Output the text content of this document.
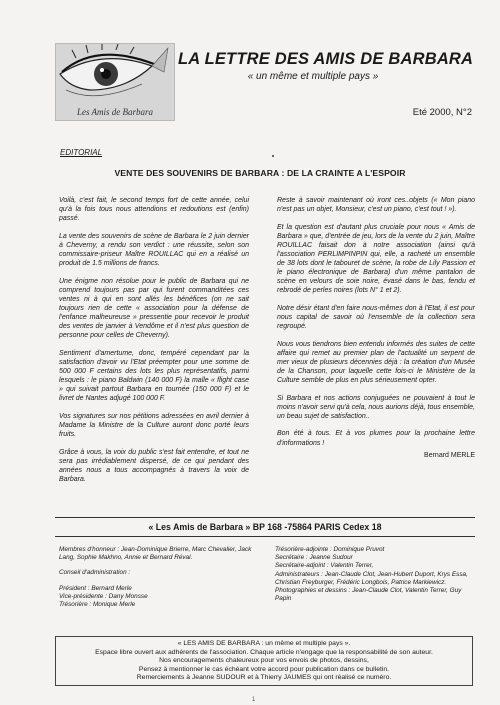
Les Amis de Barbara
LA LETTRE DES AMIS DE BARBARA
« un même et multiple pays »
Eté 2000, N°2
EDITORIAL
VENTE DES SOUVENIRS DE BARBARA : DE LA CRAINTE A L'ESPOIR

Voilà, c'est fait, le second temps fort de cette année, celui qu'à la fois tous nous attendions et redoutions est (enfin) passé.

La vente des souvenirs de scène de Barbara le 2 juin dernier à Cheverny, a rendu son verdict : une réussite, selon son commissaire-priseur Maître ROUILLAC qui en a réalisé un produit de 1.5 millions de francs.

Une énigme non résolue pour le public de Barbara qui ne comprend toujours pas par qui furent commanditées ces ventes ni à qui en sont allés les bénéfices (on ne sait toujours rien de cette « association pour la défense de l'enfance malheureuse » pressentie pour recevoir le produit des ventes de janvier à Vendôme et il n'est plus question de personne pour celles de Cheverny).

Sentiment d'amertume, donc, tempéré cependant par la satisfaction d'avoir vu l'Etat préempter pour une somme de 500 000 F certains des lots les plus représentatifs, parmi lesquels : le piano Baldwin (140 000 F) la malle « flight case » qui suivait partout Barbara en tournée (150 000 F) et le livret de Nantes adjugé 100 000 F.

Vos signatures sur nos pétitions adressées en avril dernier à Madame la Ministre de la Culture auront donc porté leurs fruits.

Grâce à vous, la voix du public s'est fait entendre, et tout ne sera pas irrédiablement dispersé, de ce qui pendant des années nous a tous accompagnés à travers la voix de Barbara.

Reste à savoir maintenant où iront ces..objets (« Mon piano n'est pas un objet, Monsieur, c'est un piano, c'est tout ! »).

Et la question est d'autant plus cruciale pour nous « Amis de Barbara » que, d'entrée de jeu, lors de la vente du 2 juin, Maître ROUILLAC faisait don à notre association (ainsi qu'à l'association PERLIMPINPIN qui, elle, a racheté un ensemble de 38 lots dont le tabouret de scène, la robe de Lily Passion et le piano électronique de Barbara) d'un même pantalon de scène en velours de soie noire, évasé dans le bas, fendu et rebrodé de perles noires (lots N° 1 et 2).

Notre désir étant d'en faire nous-mêmes don à l'Etat, il est pour nous capital de savoir où l'ensemble de la collection sera regroupé.

Nous vous tiendrons bien entendu informés des suites de cette affaire qui remet au premier plan de l'actualité un serpent de mer vieux de plusieurs décennies déjà : la création d'un Musée de la Chanson, pour laquelle cette fois-ci le Ministère de la Culture semble de plus en plus sérieusement opter.

Si Barbara et nos actions conjuguées ne pouvaient à tout le moins n'avoir servi qu'à cela, nous aurions déjà, tous ensemble, un beau sujet de satisfaction..

Bon été à tous. Et à vos plumes pour la prochaine lettre d'informations !

Bernard MERLE
« Les Amis de Barbara » BP 168 -75864 PARIS Cedex 18

Membres d'honneur : Jean-Dominique Brierre, Marc Chevalier, Jack Lang, Sophie Makhno, Annie et Bernard Réval.

Conseil d'administration :

Président : Bernard Merle
Vice-présidente : Dany Monsse
Trésorière : Monique Merle

Trésorière-adjointe : Dominique Pruvot
Secrétaire : Jeanne Sudour
Secrétaire-adjoint : Valentin Terrer,
Administrateurs : Jean-Claude Clot, Jean-Hubert Duport, Krys Essa, Christian Freyburger, Frédéric Longbois, Patrice Markiewicz.
Photographies et dessins : Jean-Claude Clot, Valentin Terrer, Guy Papin

« LES AMIS DE BARBARA : un même et multiple pays ».
Espace libre ouvert aux adhérents de l'association. Chaque article n'engage que la responsabilité de son auteur.
Nos encouragements chaleureux pour vos envois de photos, dessins,
Pensez à mentionner le cas échéant votre accord pour publication dans ce bulletin.
Remerciements à Jeanne SUDOUR et à Thierry JAUMES qui ont réalisé ce numéro.
1
